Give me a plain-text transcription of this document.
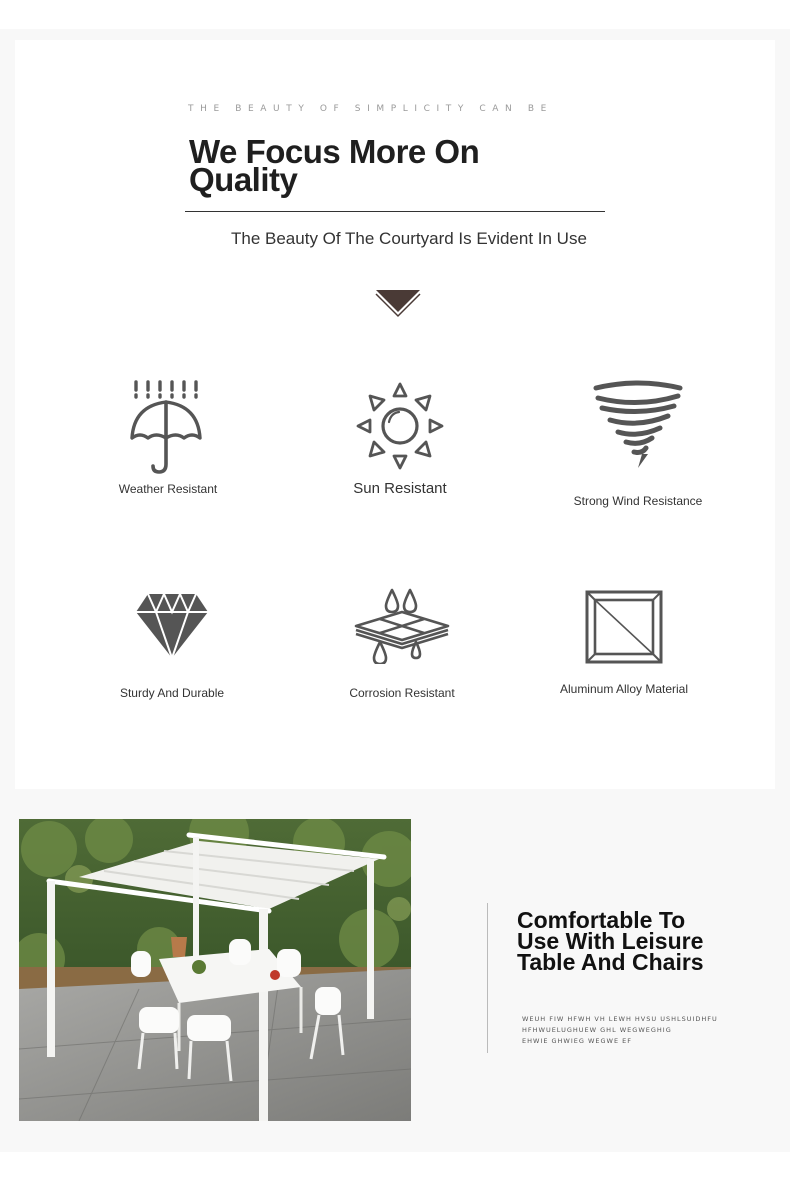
THE BEAUTY OF SIMPLICITY CAN BE
We Focus More On
Quality
The Beauty Of The Courtyard Is Evident In Use
Weather Resistant	Sun Resistant
Strong Wind Resistance
Sturdy And Durable	Corrosion Resistant	Aluminum Alloy Material
Comfortable To
Use With Leisure
Table And Chairs
WEUH FIW HFWH VH LEWH HVSU USHLSUIDHFU
HFHWUELUGHUEW GHL WEGWEGHIG
EHWIE GHWIEG WEGWE EF
